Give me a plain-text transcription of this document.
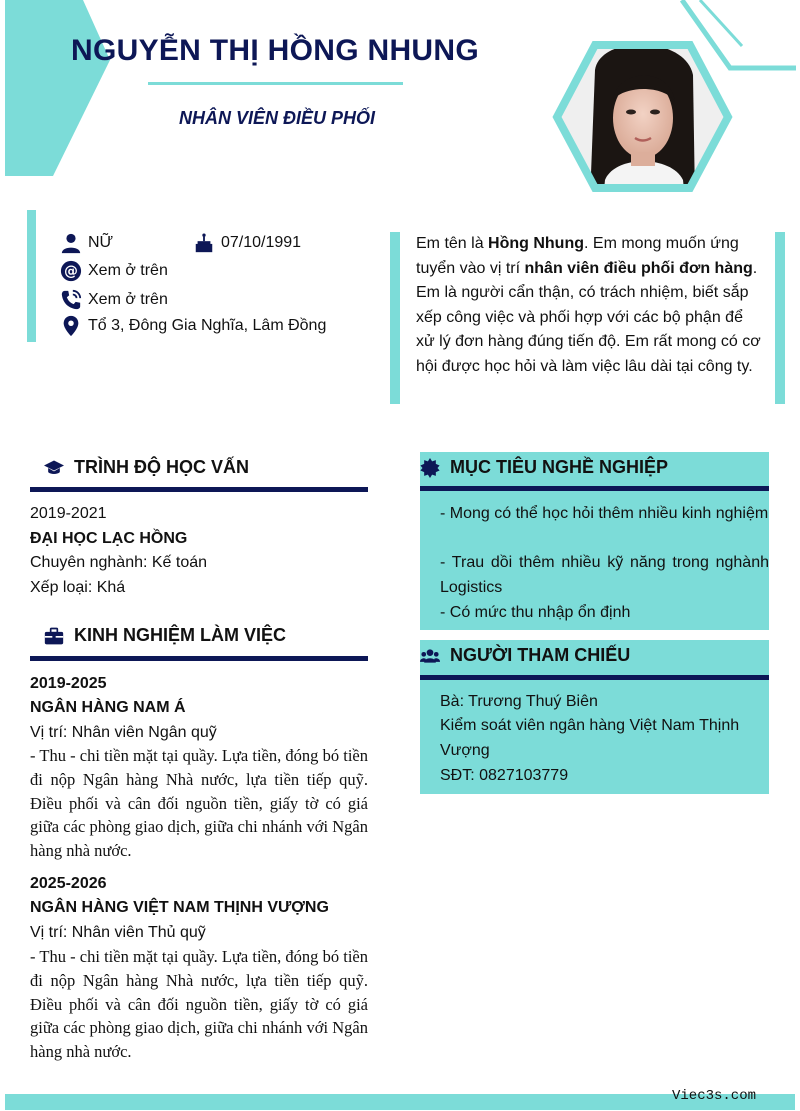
NGUYỄN THỊ HỒNG NHUNG
NHÂN VIÊN ĐIỀU PHỐI
NỮ	07/10/1991
@ Xem ở trên
Xem ở trên
Tổ 3, Đông Gia Nghĩa, Lâm Đồng
Em tên là Hồng Nhung. Em mong muốn ứng tuyển vào vị trí nhân viên điều phối đơn hàng. Em là người cẩn thận, có trách nhiệm, biết sắp xếp công việc và phối hợp với các bộ phận để xử lý đơn hàng đúng tiến độ. Em rất mong có cơ hội được học hỏi và làm việc lâu dài tại công ty.
TRÌNH ĐỘ HỌC VẤN
2019-2021
ĐẠI HỌC LẠC HỒNG
Chuyên nghành: Kế toán
Xếp loại: Khá
KINH NGHIỆM LÀM VIỆC
2019-2025
NGÂN HÀNG NAM Á
Vị trí: Nhân viên Ngân quỹ
- Thu - chi tiền mặt tại quầy. Lựa tiền, đóng bó tiền đi nộp Ngân hàng Nhà nước, lựa tiền tiếp quỹ. Điều phối và cân đối nguồn tiền, giấy tờ có giá giữa các phòng giao dịch, giữa chi nhánh với Ngân hàng nhà nước.
2025-2026
NGÂN HÀNG VIỆT NAM THỊNH VƯỢNG
Vị trí: Nhân viên Thủ quỹ
- Thu - chi tiền mặt tại quầy. Lựa tiền, đóng bó tiền đi nộp Ngân hàng Nhà nước, lựa tiền tiếp quỹ. Điều phối và cân đối nguồn tiền, giấy tờ có giá giữa các phòng giao dịch, giữa chi nhánh với Ngân hàng nhà nước.
MỤC TIÊU NGHỀ NGHIỆP
- Mong có thể học hỏi thêm nhiều kinh nghiệm
- Trau dồi thêm nhiều kỹ năng trong nghành Logistics
- Có mức thu nhập ổn định
NGƯỜI THAM CHIẾU
Bà: Trương Thuý Biên
Kiểm soát viên ngân hàng Việt Nam Thịnh Vượng
SĐT: 0827103779
Viec3s.com
